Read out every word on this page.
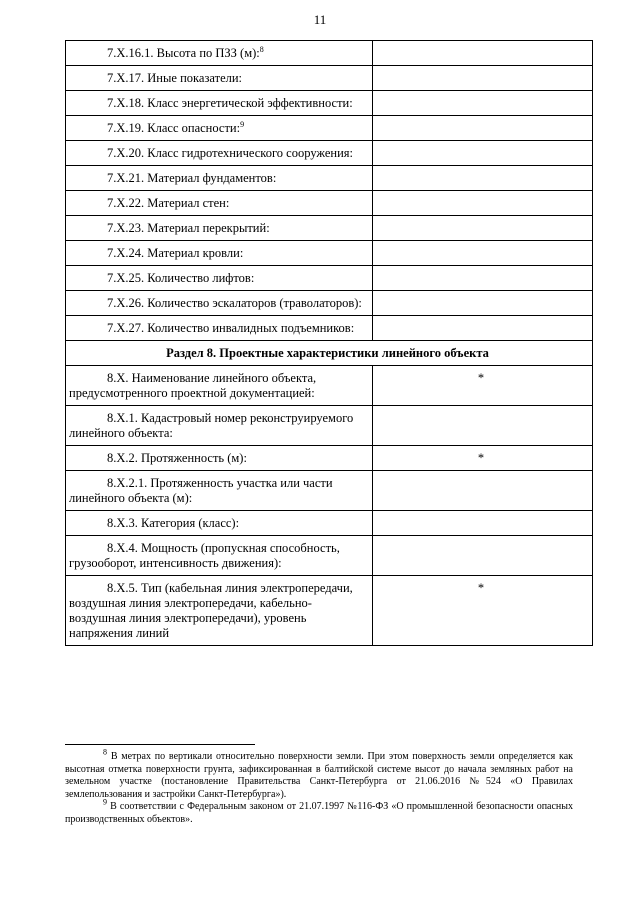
11
7.X.16.1. Высота по ПЗЗ (м):$^8$	
7.X.17. Иные показатели:	
7.X.18. Класс энергетической эффективности:	
7.X.19. Класс опасности:$^9$	
7.X.20. Класс гидротехнического сооружения:	
7.X.21. Материал фундаментов:	
7.X.22. Материал стен:	
7.X.23. Материал перекрытий:	
7.X.24. Материал кровли:	
7.X.25. Количество лифтов:	
7.X.26. Количество эскалаторов (траволаторов):	
7.X.27. Количество инвалидных подъемников:	
Раздел 8. Проектные характеристики линейного объекта	
8.X. Наименование линейного объекта, предусмотренного проектной документацией:	*
8.X.1. Кадастровый номер реконструируемого линейного объекта:	
8.X.2. Протяженность (м):	*
8.X.2.1. Протяженность участка или части линейного объекта (м):	
8.X.3. Категория (класс):	
8.X.4. Мощность (пропускная способность, грузооборот, интенсивность движения):	
8.X.5. Тип (кабельная линия электропередачи, воздушная линия электропередачи, кабельно-воздушная линия электропередачи), уровень напряжения линий	*

$^8$ В метрах по вертикали относительно поверхности земли. При этом поверхность земли определяется как высотная отметка поверхности грунта, зафиксированная в балтийской системе высот до начала земляных работ на земельном участке (постановление Правительства Санкт-Петербурга от 21.06.2016 №524 «О Правилах землепользования и застройки Санкт-Петербурга»).

$^9$ В соответствии с Федеральным законом от 21.07.1997 №116-ФЗ «О промышленной безопасности опасных производственных объектов».
